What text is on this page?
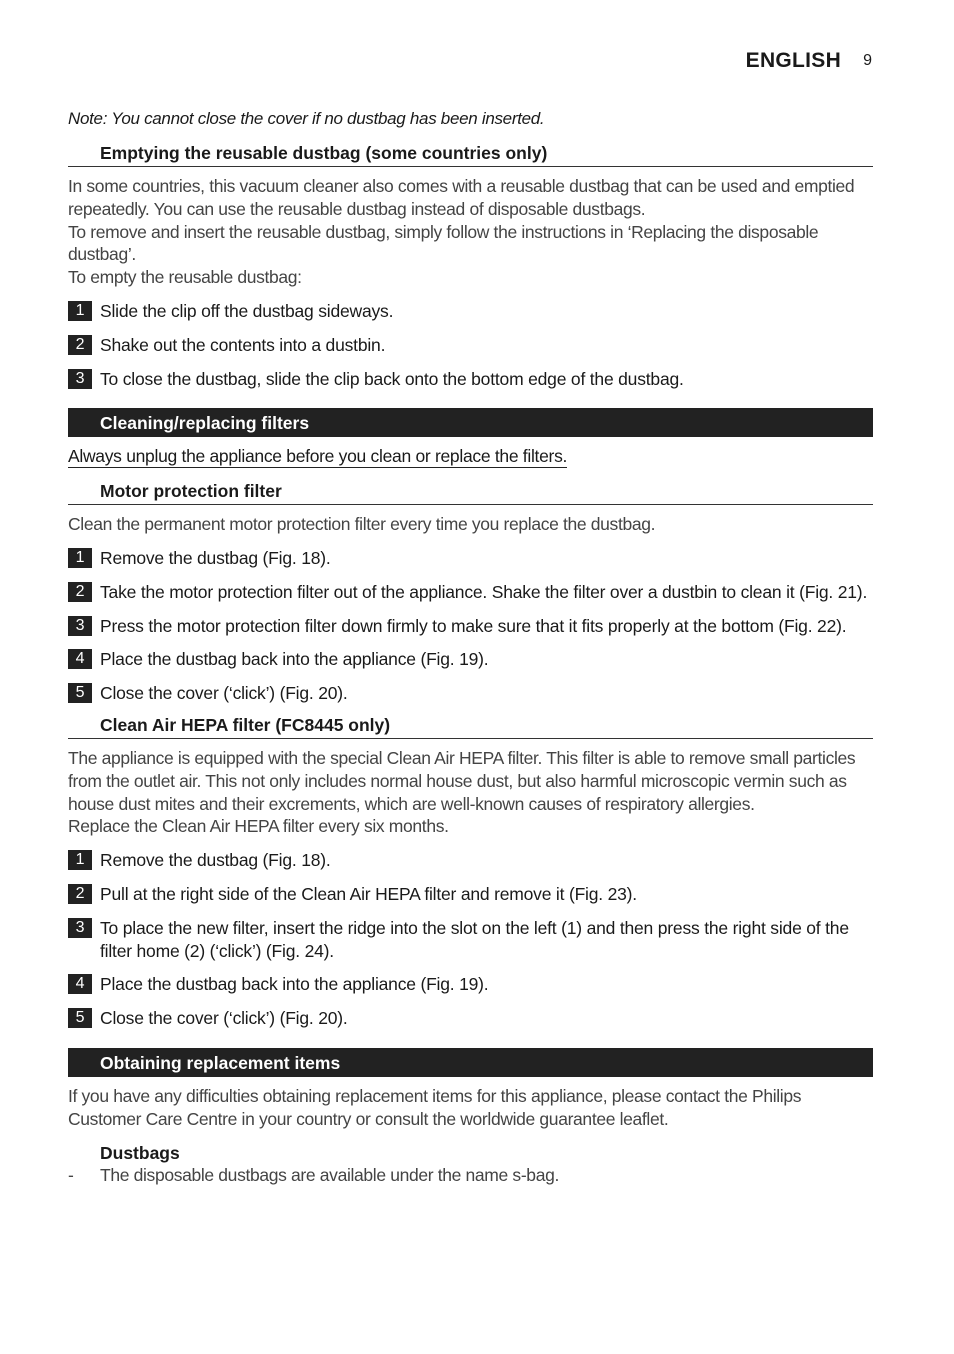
ENGLISH 9
Note: You cannot close the cover if no dustbag has been inserted.
Emptying the reusable dustbag (some countries only)

In some countries, this vacuum cleaner also comes with a reusable dustbag that can be used and emptied repeatedly. You can use the reusable dustbag instead of disposable dustbags.
To remove and insert the reusable dustbag, simply follow the instructions in ‘Replacing the disposable dustbag’.
To empty the reusable dustbag:

1 Slide the clip off the dustbag sideways.
2 Shake out the contents into a dustbin.
3 To close the dustbag, slide the clip back onto the bottom edge of the dustbag.
Cleaning/replacing filters
Always unplug the appliance before you clean or replace the filters.
Motor protection filter

Clean the permanent motor protection filter every time you replace the dustbag.

1 Remove the dustbag (Fig. 18).
2 Take the motor protection filter out of the appliance. Shake the filter over a dustbin to clean it (Fig. 21).
3 Press the motor protection filter down firmly to make sure that it fits properly at the bottom (Fig. 22).
4 Place the dustbag back into the appliance (Fig. 19).
5 Close the cover (‘click’) (Fig. 20).
Clean Air HEPA filter (FC8445 only)

The appliance is equipped with the special Clean Air HEPA filter. This filter is able to remove small particles from the outlet air. This not only includes normal house dust, but also harmful microscopic vermin such as house dust mites and their excrements, which are well-known causes of respiratory allergies.
Replace the Clean Air HEPA filter every six months.

1 Remove the dustbag (Fig. 18).
2 Pull at the right side of the Clean Air HEPA filter and remove it (Fig. 23).
3 To place the new filter, insert the ridge into the slot on the left (1) and then press the right side of the filter home (2) (‘click’) (Fig. 24).
4 Place the dustbag back into the appliance (Fig. 19).
5 Close the cover (‘click’) (Fig. 20).
Obtaining replacement items

If you have any difficulties obtaining replacement items for this appliance, please contact the Philips Customer Care Centre in your country or consult the worldwide guarantee leaflet.

Dustbags
-	The disposable dustbags are available under the name s-bag.
